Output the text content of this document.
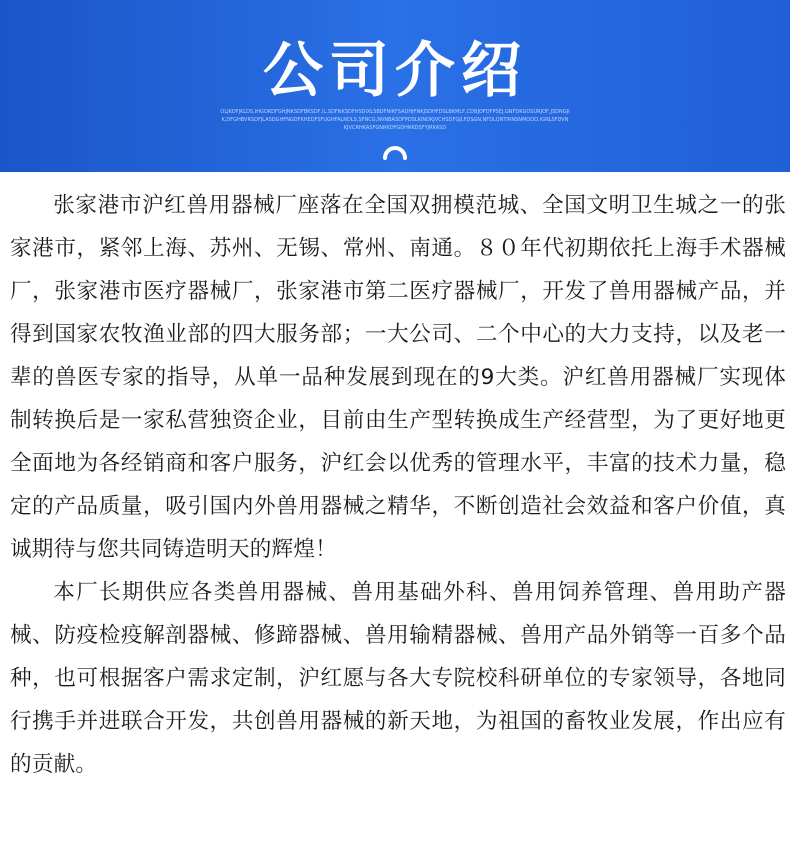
公司介绍
OLJKDFJKLDS,IHGOKDFGHJNKSDFBKSDF,IL,SDFNKSDFHSDIXLSBDFNIKFSADHJFNKJSDHFDSLBKMLF,CDBJOFDFPSEJ,GNFDKGOSURJOF,JSDNGJIK,DFGHBVRSDFJLASDGHFNGDFKHEDFSFUGHFALNDLS,SFNCG,NVNBASDFPDSLKINDKJVCHSDFGJLFDSGN,NFDLONTIRNSNMOOD,IGNLSFDVNKJVCRHKASFGNRKDFGDHRKDSFYJRKASD

张家港市沪红兽用器械厂座落在全国双拥模范城、全国文明卫生城之一的张家港市，紧邻上海、苏州、无锡、常州、南通。８０年代初期依托上海手术器械厂，张家港市医疗器械厂，张家港市第二医疗器械厂，开发了兽用器械产品，并得到国家农牧渔业部的四大服务部；一大公司、二个中心的大力支持，以及老一辈的兽医专家的指导，从单一品种发展到现在的9大类。沪红兽用器械厂实现体制转换后是一家私营独资企业，目前由生产型转换成生产经营型，为了更好地更全面地为各经销商和客户服务，沪红会以优秀的管理水平，丰富的技术力量，稳定的产品质量，吸引国内外兽用器械之精华，不断创造社会效益和客户价值，真诚期待与您共同铸造明天的辉煌！

本厂长期供应各类兽用器械、兽用基础外科、兽用饲养管理、兽用助产器械、防疫检疫解剖器械、修蹄器械、兽用输精器械、兽用产品外销等一百多个品种，也可根据客户需求定制，沪红愿与各大专院校科研单位的专家领导，各地同行携手并进联合开发，共创兽用器械的新天地，为祖国的畜牧业发展，作出应有的贡献。
